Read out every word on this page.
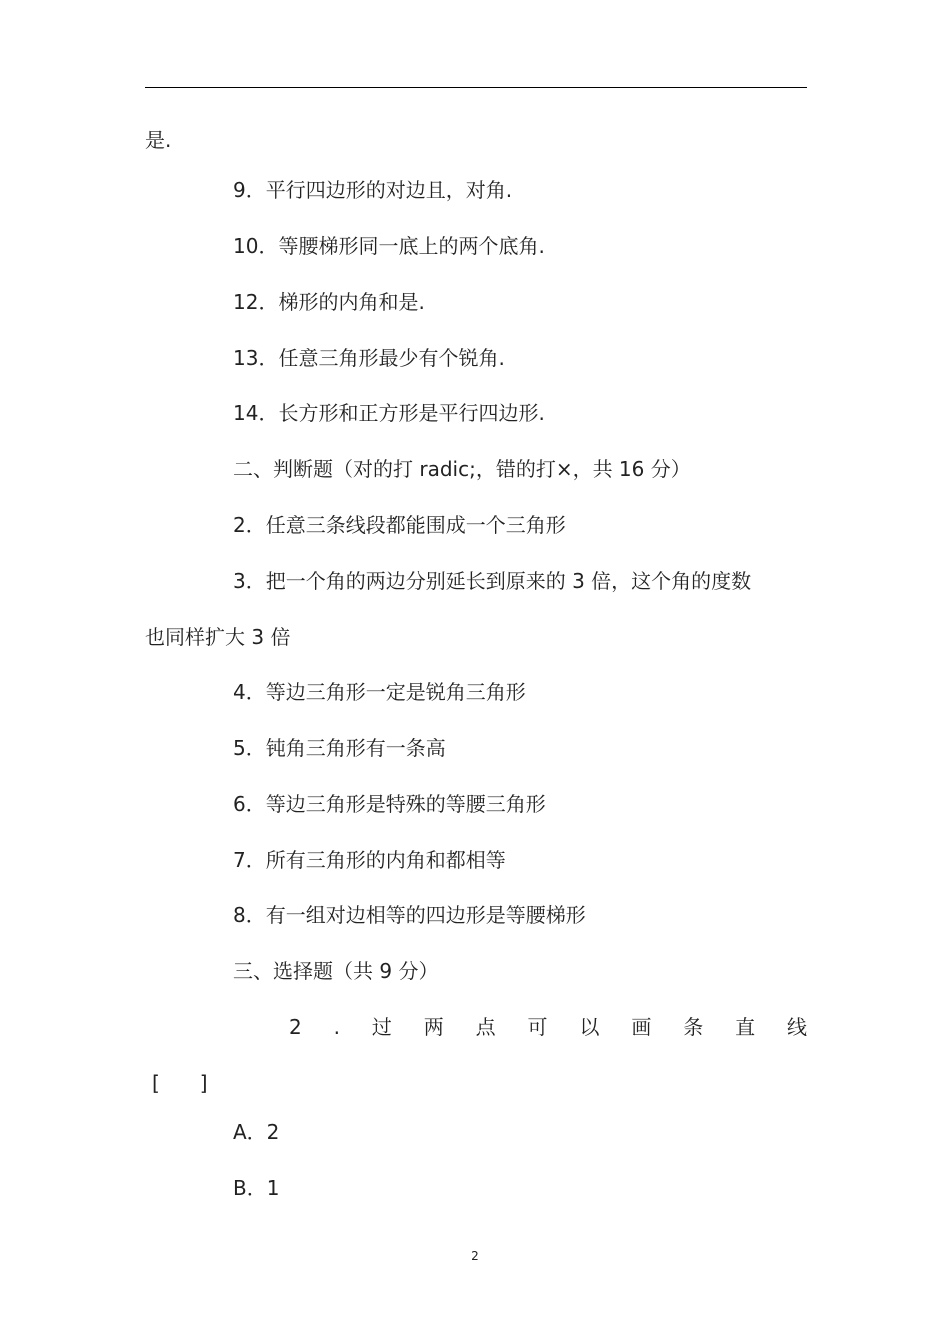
是.
9．平行四边形的对边且，对角.
10．等腰梯形同一底上的两个底角.
12．梯形的内角和是.
13．任意三角形最少有个锐角.
14．长方形和正方形是平行四边形.
二、判断题（对的打 radic;，错的打×，共 16 分）
2．任意三条线段都能围成一个三角形
3．把一个角的两边分别延长到原来的 3 倍，这个角的度数
也同样扩大 3 倍
4．等边三角形一定是锐角三角形
5．钝角三角形有一条高
6．等边三角形是特殊的等腰三角形
7．所有三角形的内角和都相等
8．有一组对边相等的四边形是等腰梯形
三、选择题（共 9 分）
2 . 过 两 点 可 以 画 条 直 线
[　　]
A．2
B．1
2
